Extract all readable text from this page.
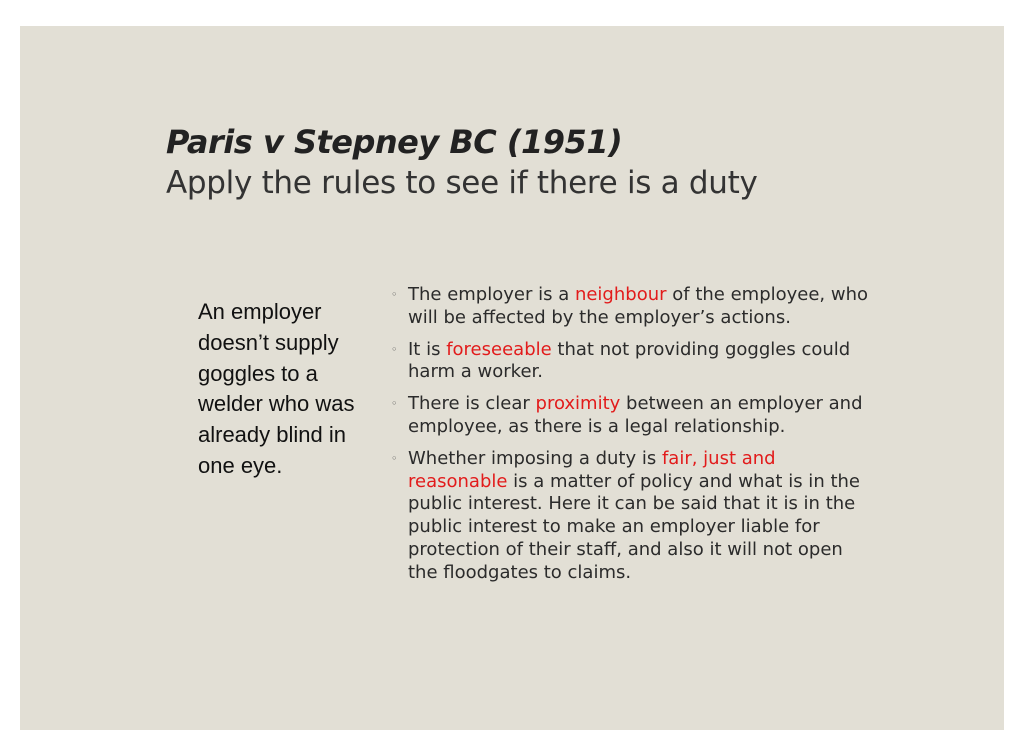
Paris v Stepney BC (1951)

Apply the rules to see if there is a duty

An employer doesn’t supply goggles to a welder who was already blind in one eye.
◦ The employer is a neighbour of the employee, who will be affected by the employer’s actions.
◦ It is foreseeable that not providing goggles could harm a worker.
◦ There is clear proximity between an employer and employee, as there is a legal relationship.
◦ Whether imposing a duty is fair, just and reasonable is a matter of policy and what is in the public interest. Here it can be said that it is in the public interest to make an employer liable for protection of their staff, and also it will not open the floodgates to claims.
